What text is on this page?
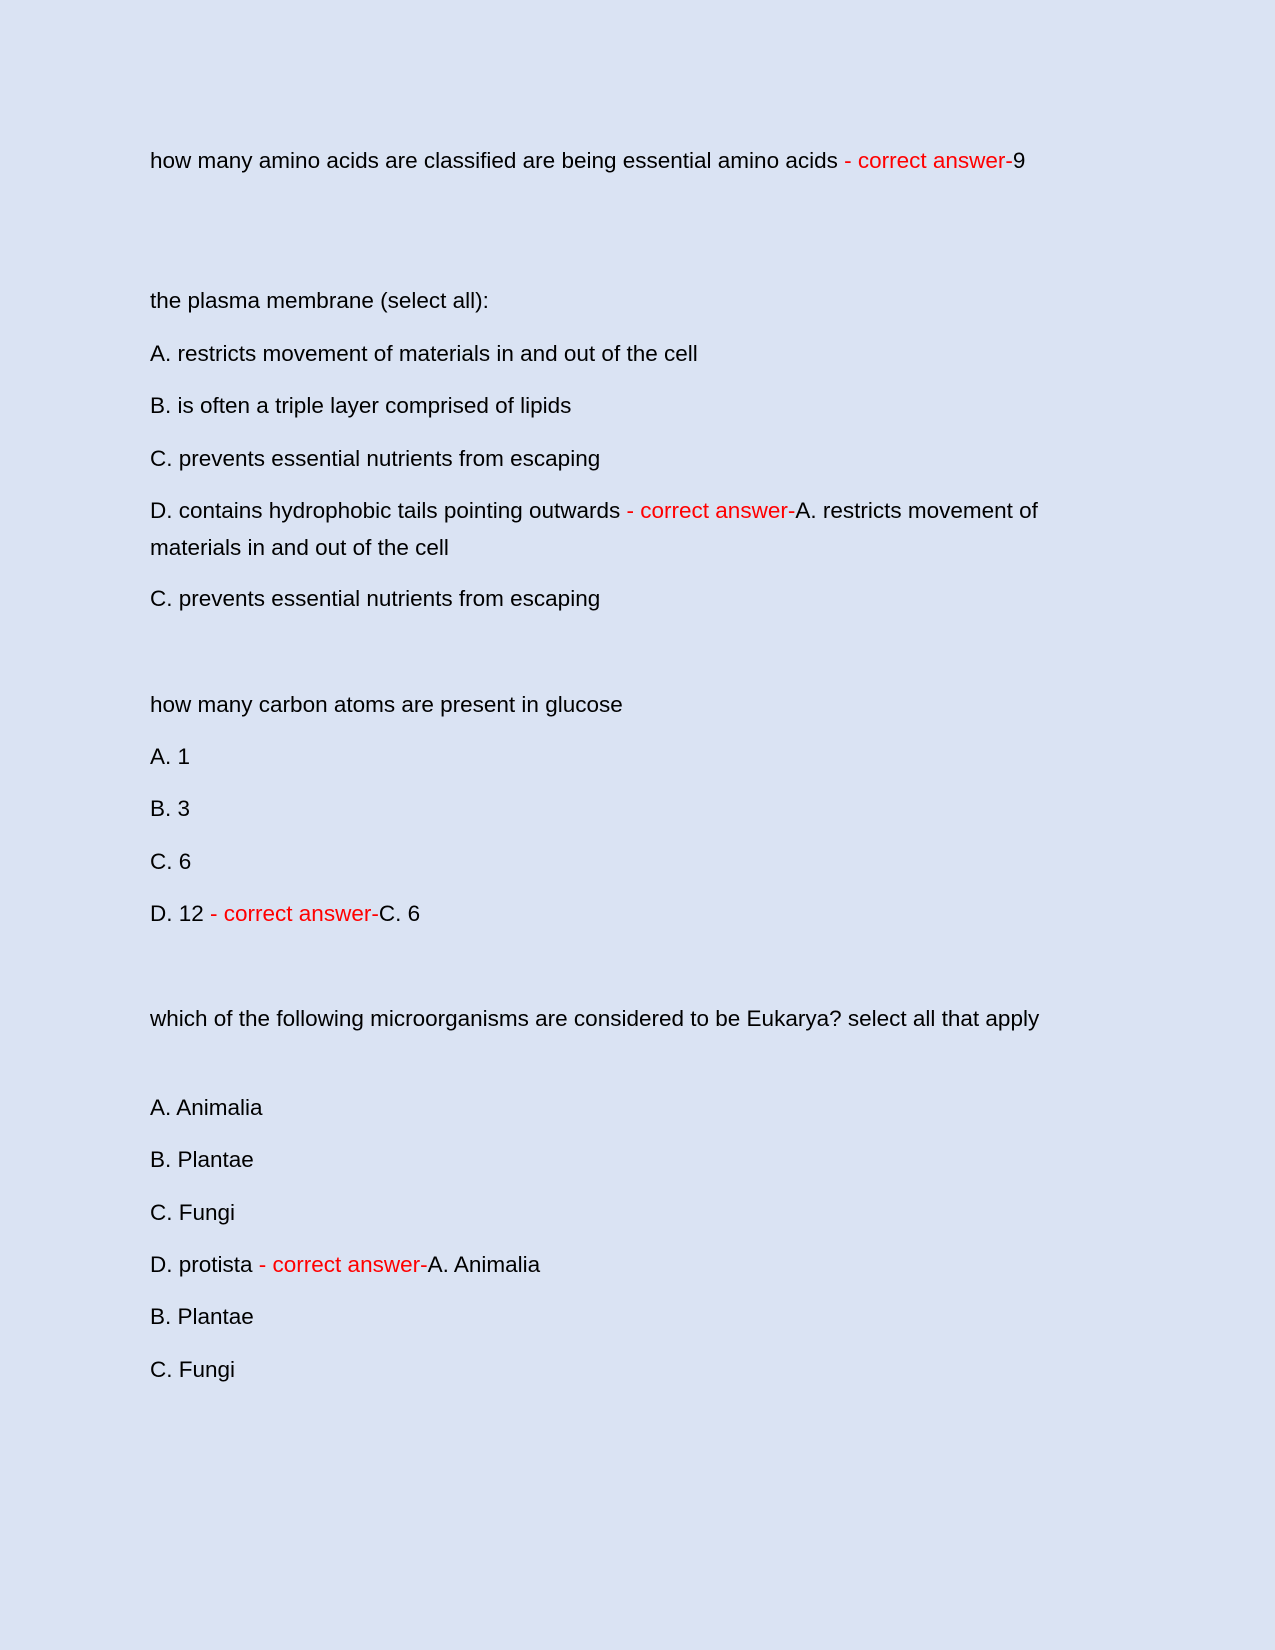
how many amino acids are classified are being essential amino acids - correct answer-9
the plasma membrane (select all):
A. restricts movement of materials in and out of the cell
B. is often a triple layer comprised of lipids
C. prevents essential nutrients from escaping
D. contains hydrophobic tails pointing outwards - correct answer-A. restricts movement of materials in and out of the cell
C. prevents essential nutrients from escaping
how many carbon atoms are present in glucose
A. 1
B. 3
C. 6
D. 12 - correct answer-C. 6
which of the following microorganisms are considered to be Eukarya? select all that apply
A. Animalia
B. Plantae
C. Fungi
D. protista - correct answer-A. Animalia
B. Plantae
C. Fungi
